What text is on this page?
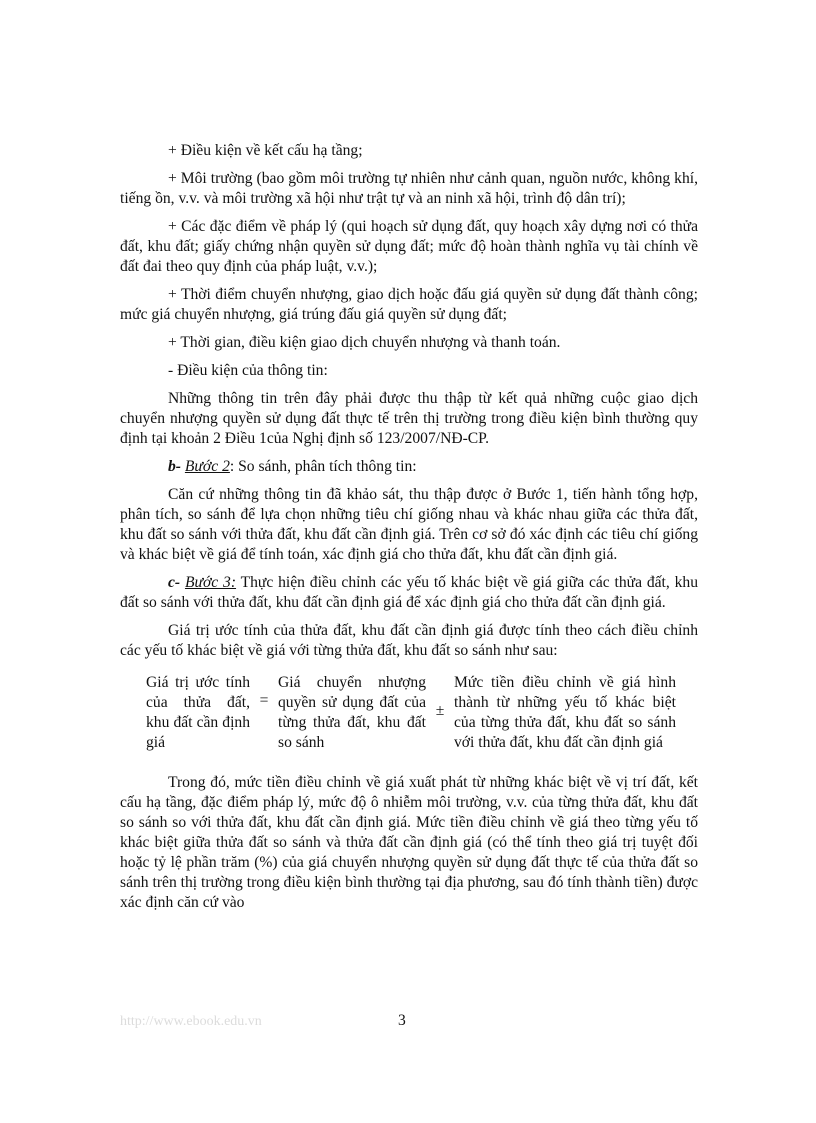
+ Điều kiện về kết cấu hạ tầng;

+ Môi trường (bao gồm môi trường tự nhiên như cảnh quan, nguồn nước, không khí, tiếng ồn, v.v. và môi trường xã hội như trật tự và an ninh xã hội, trình độ dân trí);

+ Các đặc điểm về pháp lý (qui hoạch sử dụng đất, quy hoạch xây dựng nơi có thửa đất, khu đất; giấy chứng nhận quyền sử dụng đất; mức độ hoàn thành nghĩa vụ tài chính về đất đai theo quy định của pháp luật, v.v.);

+ Thời điểm chuyển nhượng, giao dịch hoặc đấu giá quyền sử dụng đất thành công; mức giá chuyển nhượng, giá trúng đấu giá quyền sử dụng đất;

+ Thời gian, điều kiện giao dịch chuyển nhượng và thanh toán.

- Điều kiện của thông tin:

Những thông tin trên đây phải được thu thập từ kết quả những cuộc giao dịch chuyển nhượng quyền sử dụng đất thực tế trên thị trường trong điều kiện bình thường quy định tại khoản 2 Điều 1của Nghị định số 123/2007/NĐ-CP.

b- Bước 2: So sánh, phân tích thông tin:

Căn cứ những thông tin đã khảo sát, thu thập được ở Bước 1, tiến hành tổng hợp, phân tích, so sánh để lựa chọn những tiêu chí giống nhau và khác nhau giữa các thửa đất, khu đất so sánh với thửa đất, khu đất cần định giá. Trên cơ sở đó xác định các tiêu chí giống và khác biệt về giá để tính toán, xác định giá cho thửa đất, khu đất cần định giá.

c- Bước 3: Thực hiện điều chỉnh các yếu tố khác biệt về giá giữa các thửa đất, khu đất so sánh với thửa đất, khu đất cần định giá để xác định giá cho thửa đất cần định giá.

Giá trị ước tính của thửa đất, khu đất cần định giá được tính theo cách điều chỉnh các yếu tố khác biệt về giá với từng thửa đất, khu đất so sánh như sau:

Giá trị ước tính của thửa đất, khu đất cần định giá
=
Giá chuyển nhượng quyền sử dụng đất của từng thửa đất, khu đất so sánh
±
Mức tiền điều chỉnh về giá hình thành từ những yếu tố khác biệt của từng thửa đất, khu đất so sánh với thửa đất, khu đất cần định giá

Trong đó, mức tiền điều chỉnh về giá xuất phát từ những khác biệt về vị trí đất, kết cấu hạ tầng, đặc điểm pháp lý, mức độ ô nhiễm môi trường, v.v. của từng thửa đất, khu đất so sánh so với thửa đất, khu đất cần định giá. Mức tiền điều chỉnh về giá theo từng yếu tố khác biệt giữa thửa đất so sánh và thửa đất cần định giá (có thể tính theo giá trị tuyệt đối hoặc tỷ lệ phần trăm (%) của giá chuyển nhượng quyền sử dụng đất thực tế của thửa đất so sánh trên thị trường trong điều kiện bình thường tại địa phương, sau đó tính thành tiền) được xác định căn cứ vào

http://www.ebook.edu.vn	3
